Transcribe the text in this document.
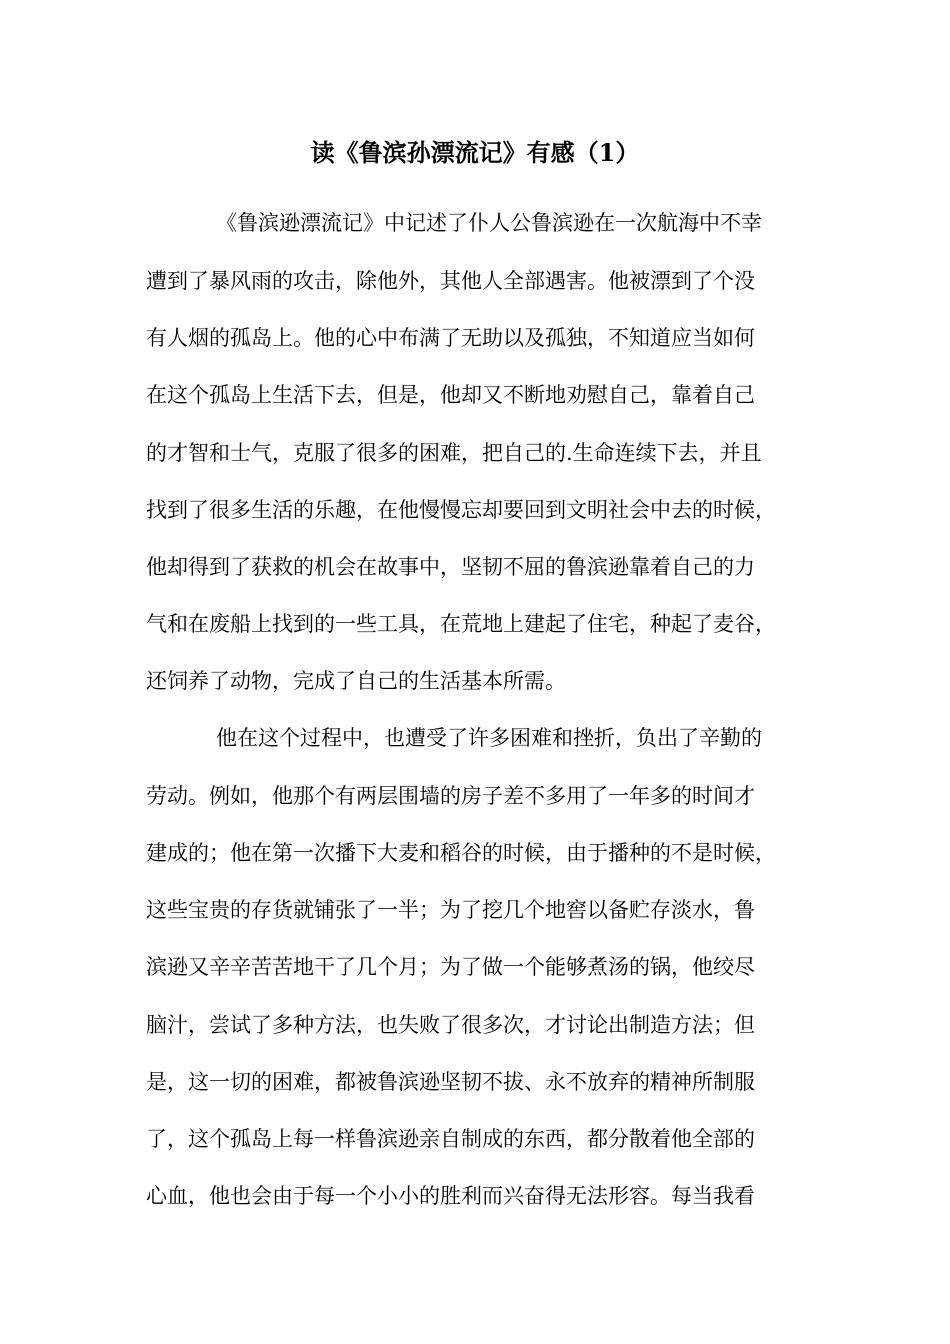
读《鲁滨孙漂流记》有感（1）

《鲁滨逊漂流记》中记述了仆人公鲁滨逊在一次航海中不幸

遭到了暴风雨的攻击，除他外，其他人全部遇害。他被漂到了个没

有人烟的孤岛上。他的心中布满了无助以及孤独，不知道应当如何

在这个孤岛上生活下去，但是，他却又不断地劝慰自己，靠着自己

的才智和士气，克服了很多的困难，把自己的.生命连续下去，并且

找到了很多生活的乐趣，在他慢慢忘却要回到文明社会中去的时候，

他却得到了获救的机会在故事中，坚韧不屈的鲁滨逊靠着自己的力

气和在废船上找到的一些工具，在荒地上建起了住宅，种起了麦谷，

还饲养了动物，完成了自己的生活基本所需。

他在这个过程中，也遭受了许多困难和挫折，负出了辛勤的

劳动。例如，他那个有两层围墙的房子差不多用了一年多的时间才

建成的；他在第一次播下大麦和稻谷的时候，由于播种的不是时候，

这些宝贵的存货就铺张了一半；为了挖几个地窖以备贮存淡水，鲁

滨逊又辛辛苦苦地干了几个月；为了做一个能够煮汤的锅，他绞尽

脑汁，尝试了多种方法，也失败了很多次，才讨论出制造方法；但

是，这一切的困难，都被鲁滨逊坚韧不拔、永不放弃的精神所制服

了，这个孤岛上每一样鲁滨逊亲自制成的东西，都分散着他全部的

心血，他也会由于每一个小小的胜利而兴奋得无法形容。每当我看
